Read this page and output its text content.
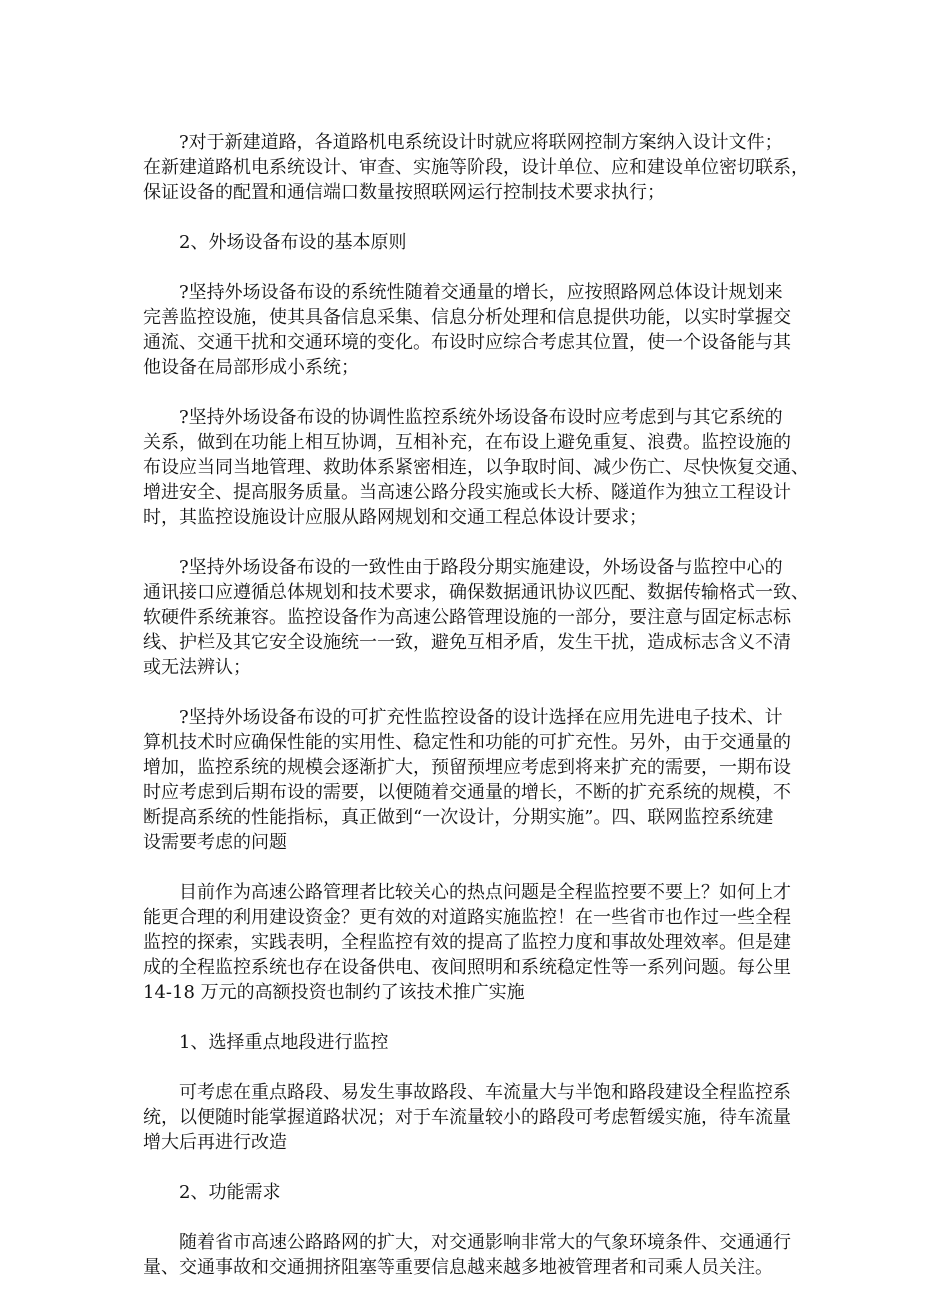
?对于新建道路，各道路机电系统设计时就应将联网控制方案纳入设计文件；
在新建道路机电系统设计、审查、实施等阶段，设计单位、应和建设单位密切联系，
保证设备的配置和通信端口数量按照联网运行控制技术要求执行；

2、外场设备布设的基本原则

?坚持外场设备布设的系统性随着交通量的增长，应按照路网总体设计规划来
完善监控设施，使其具备信息采集、信息分析处理和信息提供功能，以实时掌握交
通流、交通干扰和交通环境的变化。布设时应综合考虑其位置，使一个设备能与其
他设备在局部形成小系统；

?坚持外场设备布设的协调性监控系统外场设备布设时应考虑到与其它系统的
关系，做到在功能上相互协调，互相补充，在布设上避免重复、浪费。监控设施的
布设应当同当地管理、救助体系紧密相连，以争取时间、减少伤亡、尽快恢复交通、
增进安全、提高服务质量。当高速公路分段实施或长大桥、隧道作为独立工程设计
时，其监控设施设计应服从路网规划和交通工程总体设计要求；

?坚持外场设备布设的一致性由于路段分期实施建设，外场设备与监控中心的
通讯接口应遵循总体规划和技术要求，确保数据通讯协议匹配、数据传输格式一致、
软硬件系统兼容。监控设备作为高速公路管理设施的一部分，要注意与固定标志标
线、护栏及其它安全设施统一一致，避免互相矛盾，发生干扰，造成标志含义不清
或无法辨认；

?坚持外场设备布设的可扩充性监控设备的设计选择在应用先进电子技术、计
算机技术时应确保性能的实用性、稳定性和功能的可扩充性。另外，由于交通量的
增加，监控系统的规模会逐渐扩大，预留预埋应考虑到将来扩充的需要，一期布设
时应考虑到后期布设的需要，以便随着交通量的增长，不断的扩充系统的规模，不
断提高系统的性能指标，真正做到“一次设计，分期实施”。四、联网监控系统建
设需要考虑的问题

目前作为高速公路管理者比较关心的热点问题是全程监控要不要上？如何上才
能更合理的利用建设资金？更有效的对道路实施监控！在一些省市也作过一些全程
监控的探索，实践表明，全程监控有效的提高了监控力度和事故处理效率。但是建
成的全程监控系统也存在设备供电、夜间照明和系统稳定性等一系列问题。每公里
14-18 万元的高额投资也制约了该技术推广实施

1、选择重点地段进行监控

可考虑在重点路段、易发生事故路段、车流量大与半饱和路段建设全程监控系
统，以便随时能掌握道路状况；对于车流量较小的路段可考虑暂缓实施，待车流量
增大后再进行改造

2、功能需求

随着省市高速公路路网的扩大，对交通影响非常大的气象环境条件、交通通行
量、交通事故和交通拥挤阻塞等重要信息越来越多地被管理者和司乘人员关注。
